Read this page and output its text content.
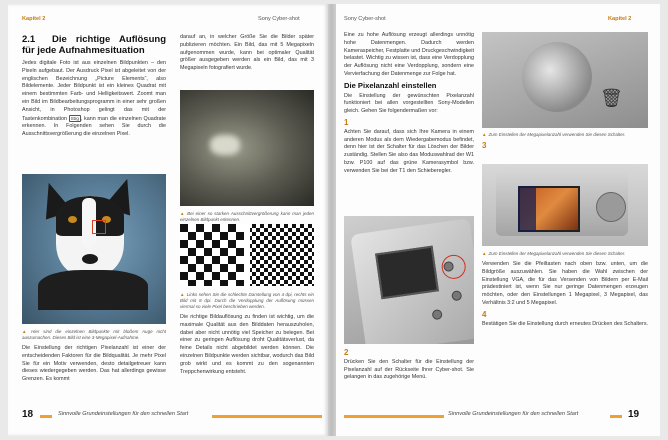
Kapitel 2	Sony Cyber-shot
2.1 Die richtige Auflösung für jede Aufnahmesituation

Jedes digitale Foto ist aus einzelnen Bildpunkten – den Pixeln aufgebaut. Der Ausdruck Pixel ist abgeleitet von der englischen Bezeichnung „Picture Elements“, also Bildelemente. Jeder Bildpunkt ist ein kleines Quadrat mit einem bestimmten Farb- und Helligkeitswert. Zoomt man ein Bild im Bildbearbeitungsprogramm in einer sehr großen Ansicht, in Photoshop gelingt das mit der Tastenkombination Strg , kann man die einzelnen Quadrate erkennen. In Folgenden sehen Sie durch die Ausschnittsvergrößerung die einzelnen Pixel.

▲ Hier sind die einzelnen Bildpunkte mit bloßem Auge nicht auszumachen. Dieses Bild ist eine 3-Megapixel-Aufnahme.

Die Einstellung der richtigen Pixelanzahl ist einer der entscheidenden Faktoren für die Bildqualität. Je mehr Pixel Sie für ein Motiv verwenden, desto detailgetreuer kann dieses wiedergegeben werden. Das hat allerdings gewisse Grenzen. Es kommt

darauf an, in welcher Größe Sie die Bilder später publizieren möchten. Ein Bild, das mit 5 Megapixeln aufgenommen wurde, kann bei optimaler Qualität größer ausgegeben werden als ein Bild, das mit 3 Megapixeln fotografiert wurde.

▲ Bei einer so starken Ausschnittvergrößerung kann man jeden einzelnen Bildpunkt erkennen.
▲ Links sehen Sie die schlechte Darstellung von 4 dpi, rechts ein Bild mit 8 dpi. Durch die Verdopplung der Auflösung müssen viermal so viele Pixel beschrieben werden.

Die richtige Bildauflösung zu finden ist wichtig, um die maximale Qualität aus den Bilddaten herauszuholen, dabei aber nicht unnötig viel Speicher zu belegen. Bei einer zu geringen Auflösung droht Qualitätsverlust, da feine Details nicht abgebildet werden können. Die einzelnen Bildpunkte werden sichtbar, wodurch das Bild grob wirkt und es kommt zu den sogenannten Treppchenwirkung entsteht.

18	Sinnvolle Grundeinstellungen für den schnellen Start
Sony Cyber-shot	Kapitel 2

Eine zu hohe Auflösung erzeugt allerdings unnötig hohe Datenmengen. Dadurch werden Kameraspeicher, Festplatte und Druckgeschwindigkeit belastet. Wichtig zu wissen ist, dass eine Verdopplung der Auflösung nicht eine Verdopplung, sondern eine Vervierfachung der Datenmenge zur Folge hat.

Die Pixelanzahl einstellen

Die Einstellung der gewünschten Pixelanzahl funktioniert bei allen vorgestellten Sony-Modellen gleich. Gehen Sie folgendermaßen vor:

1

Achten Sie darauf, dass sich Ihre Kamera in einem anderen Modus als dem Wiedergabemodus befindet, denn hier ist der Schalter für das Löschen der Bilder zuständig. Stellen Sie also das Moduswahlrad der W1 bzw. P100 auf das grüne Kamerasymbol bzw. verwenden Sie bei der T1 den Schieberegler.

2

Drücken Sie den Schalter für die Einstellung der Pixelanzahl auf der Rückseite Ihrer Cyber-shot. Sie gelangen in das zugehörige Menü.

🗑
▲ Zum Einstellen der Megapixelanzahl verwenden Sie diesen Schalter.
3
▲ Zum Einstellen der Megapixelanzahl verwenden Sie diesen Schalter.

Verwenden Sie die Pfeiltasten nach oben bzw. unten, um die Bildgröße auszuwählen. Sie haben die Wahl zwischen der Einstellung VGA, die für das Versenden von Bildern per E-Mail prädestiniert ist, wenn Sie nur geringe Datenmengen erzeugen möchten, oder den Einstellungen 1 Megapixel, 3 Megapixel, das Verhältnis 3:2 und 5 Megapixel.

4

Bestätigen Sie die Einstellung durch erneutes Drücken des Schalters.

Sinnvolle Grundeinstellungen für den schnellen Start	19
